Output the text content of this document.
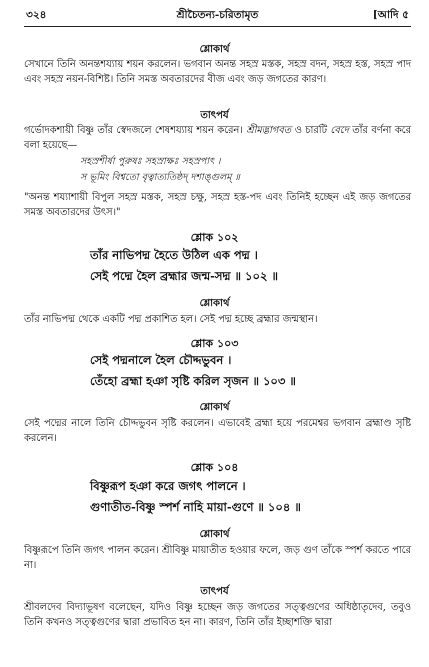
৩২৪	শ্রীচৈতন্য-চরিতামৃত	[আদি ৫
শ্লোকার্থ
সেখানে তিনি অনন্তশয্যায় শয়ন করলেন। ভগবান অনন্ত সহস্র মস্তক, সহস্র বদন, সহস্র হস্ত, সহস্র পাদ এবং সহস্র নয়ন-বিশিষ্ট। তিনি সমস্ত অবতারদের বীজ এবং জড় জগতের কারণ।
তাৎপর্য
গর্ভোদকশায়ী বিষ্ণু তাঁর স্বেদজলে শেষশয্যায় শয়ন করেন। শ্রীমদ্ভাগবত ও চারটি বেদে তাঁর বর্ণনা করে বলা হয়েছে—
সহস্রশীর্ষা পুরুষঃ সহস্রাক্ষঃ সহস্রপাৎ ।
স ভূমিং বিশ্বতো বৃত্বাত্যতিষ্ঠদ্ দশাঙ্গুলম্ ॥
"অনন্ত শয্যাশায়ী বিপুল সহস্র মস্তক, সহস্র চক্ষু, সহস্র হস্ত-পদ এবং তিনিই হচ্ছেন এই জড় জগতের সমস্ত অবতারদের উৎস।"
শ্লোক ১০২
তাঁর নাভিপদ্ম হৈতে উঠিল এক পদ্ম ।
সেই পদ্মে হৈল ব্রহ্মার জন্ম-সদ্ম ॥ ১০২ ॥
শ্লোকার্থ
তাঁর নাভিপদ্ম থেকে একটি পদ্ম প্রকাশিত হল। সেই পদ্ম হচ্ছে ব্রহ্মার জন্মস্থান।
শ্লোক ১০৩
সেই পদ্মনালে হৈল চৌদ্দভুবন ।
তেঁহো ব্রহ্মা হঞা সৃষ্টি করিল সৃজন ॥ ১০৩ ॥
শ্লোকার্থ
সেই পদ্মের নালে তিনি চৌদ্দভুবন সৃষ্টি করলেন। এভাবেই ব্রহ্মা হয়ে পরমেশ্বর ভগবান ব্রহ্মাণ্ড সৃষ্টি করলেন।
শ্লোক ১০৪
বিষ্ণুরূপ হঞা করে জগৎ পালনে ।
গুণাতীত-বিষ্ণু স্পর্শ নাহি মায়া-গুণে ॥ ১০৪ ॥
শ্লোকার্থ
বিষ্ণুরূপে তিনি জগৎ পালন করেন। শ্রীবিষ্ণু মায়াতীত হওয়ার ফলে, জড় গুণ তাঁকে স্পর্শ করতে পারে না।
তাৎপর্য
শ্রীবলদেব বিদ্যাভূষণ বলেছেন, যদিও বিষ্ণু হচ্ছেন জড় জগতের সত্ত্বগুণের অধিষ্ঠাতৃদেব, তবুও তিনি কখনও সত্ত্বগুণের দ্বারা প্রভাবিত হন না। কারণ, তিনি তাঁর ইচ্ছাশক্তি দ্বারা
